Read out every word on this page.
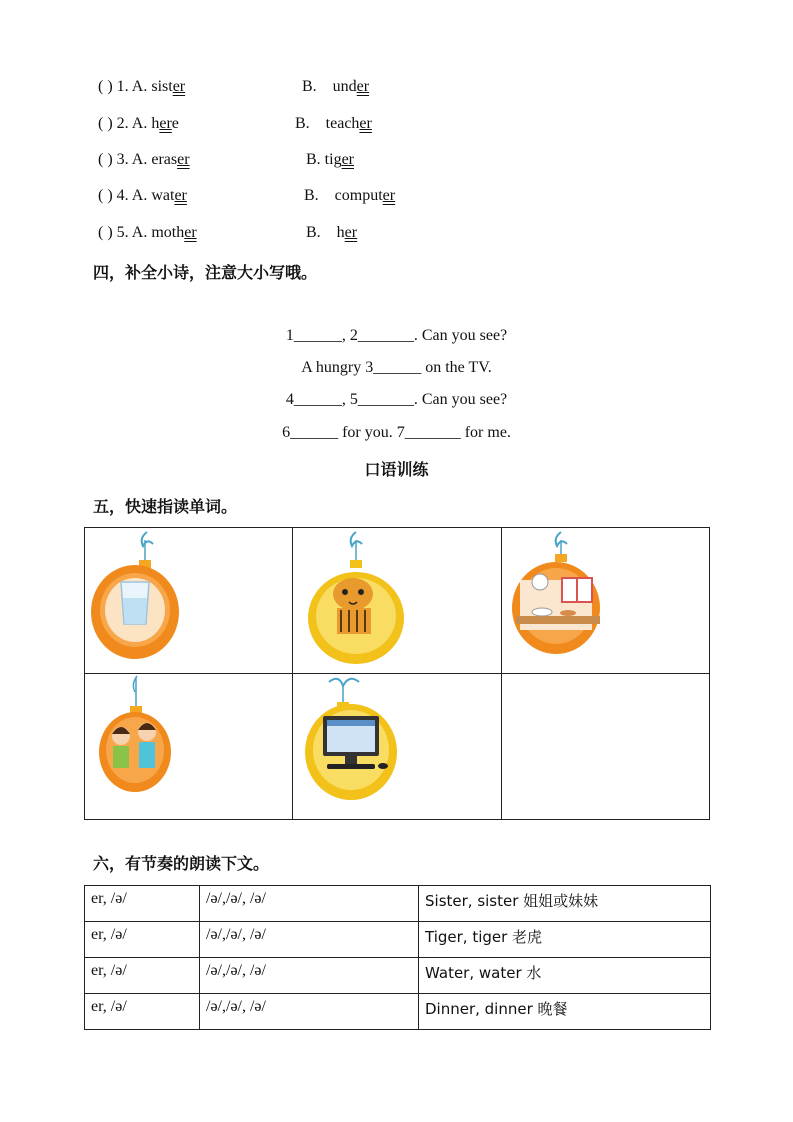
( ) 1. A. sister	B. under
( ) 2. A. here	B. teacher
( ) 3. A. eraser	B. tiger
( ) 4. A. water	B. computer
( ) 5. A. mother	B. her
四，补全小诗，注意大小写哦。
1______, 2_______. Can you see?
A hungry 3______ on the TV.
4______, 5_______. Can you see?
6______ for you. 7_______ for me.
口语训练
五，快速指读单词。

六，有节奏的朗读下文。
er, /ə/	/ə/,/ə/, /ə/	Sister, sister 姐姐或妹妹
er, /ə/	/ə/,/ə/, /ə/	Tiger, tiger 老虎
er, /ə/	/ə/,/ə/, /ə/	Water, water 水
er, /ə/	/ə/,/ə/, /ə/	Dinner, dinner 晚餐
